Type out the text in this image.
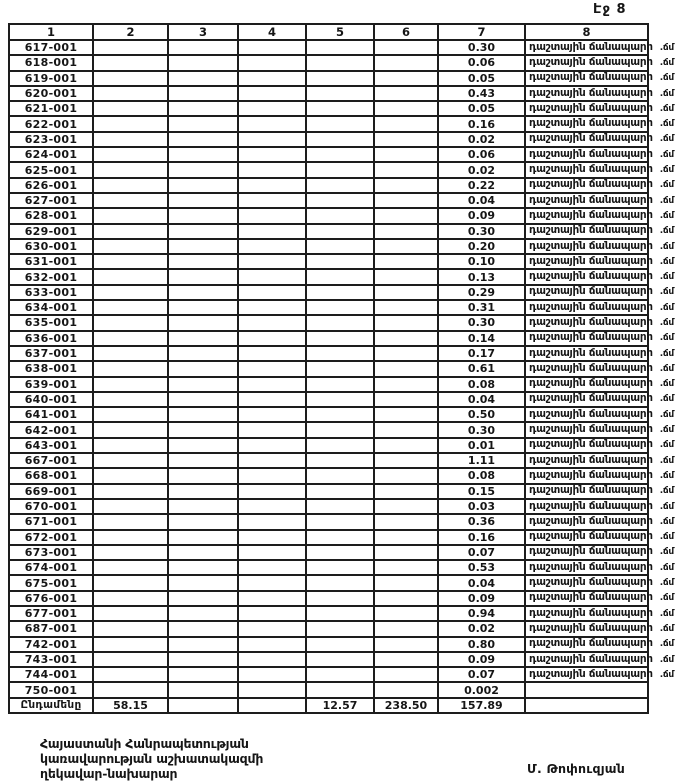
Էջ 8
1	2	3	4	5	6	7	8
617-001						0.30	դաշտային ճանապարհ .ճմ

618-001						0.06	դաշտային ճանապարհ .ճմ

619-001						0.05	դաշտային ճանապարհ .ճմ

620-001						0.43	դաշտային ճանապարհ .ճմ

621-001						0.05	դաշտային ճանապարհ .ճմ

622-001						0.16	դաշտային ճանապարհ .ճմ

623-001						0.02	դաշտային ճանապարհ .ճմ

624-001						0.06	դաշտային ճանապարհ .ճմ

625-001						0.02	դաշտային ճանապարհ .ճմ

626-001						0.22	դաշտային ճանապարհ .ճմ

627-001						0.04	դաշտային ճանապարհ .ճմ

628-001						0.09	դաշտային ճանապարհ .ճմ

629-001						0.30	դաշտային ճանապարհ .ճմ

630-001						0.20	դաշտային ճանապարհ .ճմ

631-001						0.10	դաշտային ճանապարհ .ճմ

632-001						0.13	դաշտային ճանապարհ .ճմ

633-001						0.29	դաշտային ճանապարհ .ճմ

634-001						0.31	դաշտային ճանապարհ .ճմ

635-001						0.30	դաշտային ճանապարհ .ճմ

636-001						0.14	դաշտային ճանապարհ .ճմ

637-001						0.17	դաշտային ճանապարհ .ճմ

638-001						0.61	դաշտային ճանապարհ .ճմ

639-001						0.08	դաշտային ճանապարհ .ճմ

640-001						0.04	դաշտային ճանապարհ .ճմ

641-001						0.50	դաշտային ճանապարհ .ճմ

642-001						0.30	դաշտային ճանապարհ .ճմ

643-001						0.01	դաշտային ճանապարհ .ճմ

667-001						1.11	դաշտային ճանապարհ .ճմ

668-001						0.08	դաշտային ճանապարհ .ճմ

669-001						0.15	դաշտային ճանապարհ .ճմ

670-001						0.03	դաշտային ճանապարհ .ճմ

671-001						0.36	դաշտային ճանապարհ .ճմ

672-001						0.16	դաշտային ճանապարհ .ճմ

673-001						0.07	դաշտային ճանապարհ .ճմ

674-001						0.53	դաշտային ճանապարհ .ճմ

675-001						0.04	դաշտային ճանապարհ .ճմ

676-001						0.09	դաշտային ճանապարհ .ճմ

677-001						0.94	դաշտային ճանապարհ .ճմ

687-001						0.02	դաշտային ճանապարհ .ճմ

742-001						0.80	դաշտային ճանապարհ .ճմ

743-001						0.09	դաշտային ճանապարհ .ճմ

744-001						0.07	դաշտային ճանապարհ .ճմ

750-001						0.002	

Ընդամենը	58.15			12.57	238.50	157.89	
Հայաստանի Հանրապետության
կառավարության աշխատակազմի
ղեկավար-նախարար	Մ. Թոփուզյան
